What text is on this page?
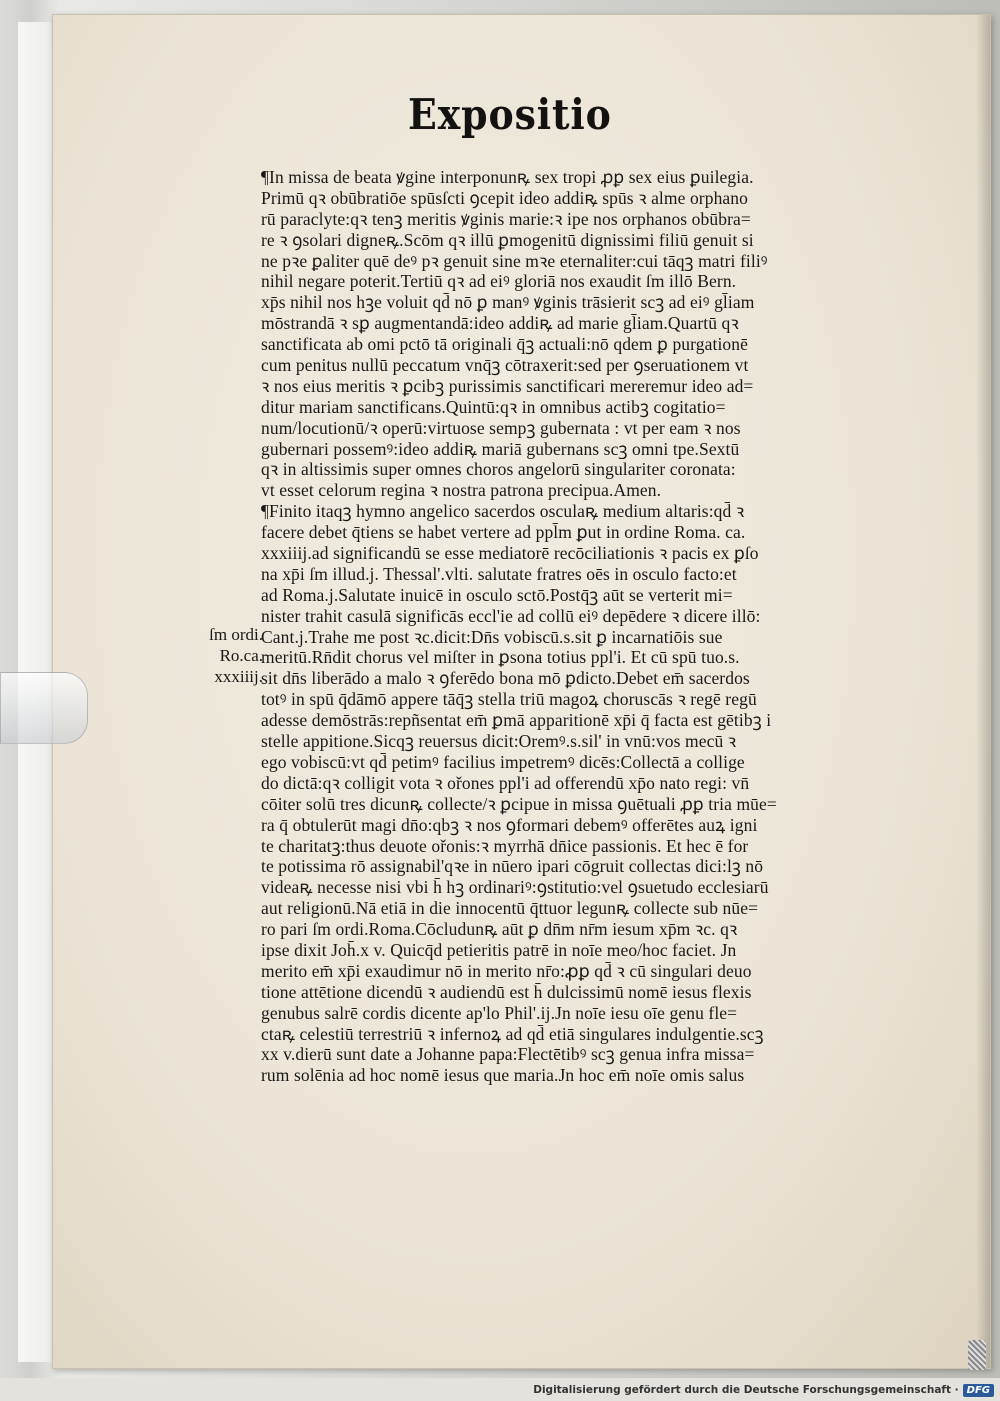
Expositio
ſm ordi.
Ro.ca.
xxxiiij.
¶In missa de beata ꝟgine interponunꝶ sex tropi ꝓꝑ sex eius ꝑuilegia.
Primū qꝛ obūbratiōe spūsſcti ꝯcepit ideo addiꝶ spūs ꝛ alme orphano
rū paraclyte:qꝛ tenꝫ meritis ꝟginis marie:ꝛ ipe nos orphanos obūbra=
re ꝛ ꝯsolari digneꝶ.Scōm qꝛ illū ꝑmogenitū dignissimi filiū genuit si
ne pꝛe ꝑaliter quē deꝰ pꝛ genuit sine mꝛe eternaliter:cui tāqꝫ matri filiꝰ
nihil negare poterit.Tertiū qꝛ ad eiꝰ gloriā nos exaudit ſm illō Bern.
xp̄s nihil nos hꝫe voluit qd̄ nō ꝑ manꝰ ꝟginis trāsierit scꝫ ad eiꝰ gl̄iam
mōstrandā ꝛ sꝑ augmentandā:ideo addiꝶ ad marie gl̄iam.Quartū qꝛ
sanctificata ab omi pctō tā originali q̄ꝫ actuali:nō qdem ꝑ purgationē
cum penitus nullū peccatum vnq̄ꝫ cōtraxerit:sed per ꝯseruationem vt
ꝛ nos eius meritis ꝛ ꝑcibꝫ purissimis sanctificari mereremur ideo ad=
ditur mariam sanctificans.Quintū:qꝛ in omnibus actibꝫ cogitatio=
num/locutionū/ꝛ operū:virtuose sempꝫ gubernata : vt per eam ꝛ nos
gubernari possemꝰ:ideo addiꝶ mariā gubernans scꝫ omni tpe.Sextū
qꝛ in altissimis super omnes choros angelorū singulariter coronata:
vt esset celorum regina ꝛ nostra patrona precipua.Amen.
¶Finito itaqꝫ hymno angelico sacerdos osculaꝶ medium altaris:qd̄ ꝛ
facere debet q̄tiens se habet vertere ad ppl̄m ꝑut in ordine Roma. ca.
xxxiiij.ad significandū se esse mediatorē recōciliationis ꝛ pacis ex ꝑſo
na xp̄i ſm illud.j. Thessal'.vlti. salutate fratres oēs in osculo facto:et
ad Roma.j.Salutate inuicē in osculo sctō.Postq̄ꝫ aūt se verterit mi=
nister trahit casulā significās eccl'ie ad collū eiꝰ depēdere ꝛ dicere illō:
Cant.j.Trahe me post ꝛc.dicit:Dn̄s vobiscū.s.sit ꝑ incarnatiōis sue
meritū.Rn̄dit chorus vel miſter in ꝑsona totius ppl'i. Et cū spū tuo.s.
sit dn̄s liberādo a malo ꝛ ꝯferēdo bona mō ꝑdicto.Debet em̄ sacerdos
totꝰ in spū q̄dāmō appere tāq̄ꝫ stella triū magoꝝ choruscās ꝛ regē regū
adesse demōstrās:repñsentat em̄ ꝑmā apparitionē xp̄i q̄ facta est gētibꝫ i
stelle appitione.Sicqꝫ reuersus dicit:Oremꝰ.s.sil' in vnū:vos mecū ꝛ
ego vobiscū:vt qd̄ petimꝰ facilius impetremꝰ dicēs:Collectā a collige
do dictā:qꝛ colligit vota ꝛ ořones ppl'i ad offerendū xp̄o nato regi: vn̄
cōiter solū tres dicunꝶ collecte/ꝛ ꝑcipue in missa ꝯuētuali ꝓꝑ tria mūe=
ra q̄ obtulerūt magi dn̄o:qbꝫ ꝛ nos ꝯformari debemꝰ offerētes auꝝ igni
te charitatꝫ:thus deuote ořonis:ꝛ myrrhā dn̄ice passionis. Et hec ē for
te potissima rō assignabil'qꝛe in nūero ipari cōgruit collectas dici:lꝫ nō
videaꝶ necesse nisi vbi h̄ hꝫ ordinariꝰ:ꝯstitutio:vel ꝯsuetudo ecclesiarū
aut religionū.Nā etiā in die innocentū q̄ttuor legunꝶ collecte sub nūe=
ro pari ſm ordi.Roma.Cōcludunꝶ aūt ꝑ dn̄m nr̄m iesum xp̄m ꝛc. qꝛ
ipse dixit Joh̄.x v. Quicq̄d petieritis patrē in noīe meo/hoc faciet. Jn
merito em̄ xp̄i exaudimur nō in merito nr̄o:ꝓꝑ qd̄ ꝛ cū singulari deuo
tione attētione dicendū ꝛ audiendū est h̄ dulcissimū nomē iesus flexis
genubus salrē cordis dicente ap'lo Phil'.ij.Jn noīe iesu oīe genu fle=
ctaꝶ celestiū terrestriū ꝛ infernoꝝ ad qd̄ etiā singulares indulgentie.scꝫ
xx v.dierū sunt date a Johanne papa:Flectētibꝰ scꝫ genua infra missa=
rum solēnia ad hoc nomē iesus que maria.Jn hoc em̄ noīe omis salus
Digitalisierung gefördert durch die Deutsche Forschungsgemeinschaft · DFG
